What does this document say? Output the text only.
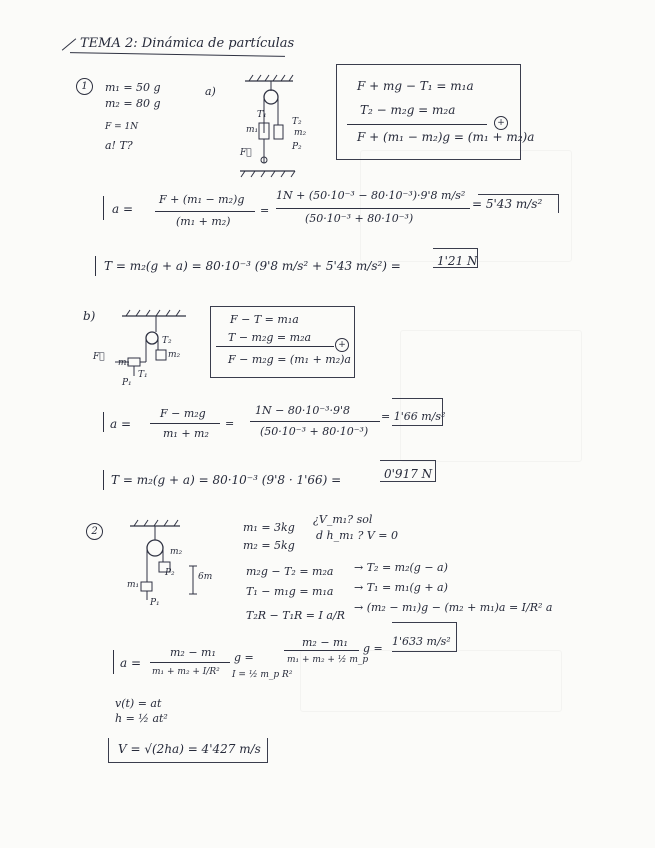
TEMA 2: Dinámica de partículas
1	m₁ = 50 g
m₂ = 80 g
F = 1N
a! T?
a)
T₁
T₂
m₁	m₂
P₂
F⃗
F + mg − T₁ = m₁a
T₂ − m₂g = m₂a
+
F + (m₁ − m₂)g = (m₁ + m₂)a
a =
F + (m₁ − m₂)g
(m₁ + m₂)
=
1N + (50·10⁻³ − 80·10⁻³)·9'8 m/s²
(50·10⁻³ + 80·10⁻³)
= 5'43 m/s²
T = m₂(g + a) = 80·10⁻³ (9'8 m/s² + 5'43 m/s²) =	1'21 N
b)
T₂
m₂
m₁
T₁
P₁
F⃗
F − T = m₁a
T − m₂g = m₂a
+
F − m₂g = (m₁ + m₂)a
a =
F − m₂g
m₁ + m₂
=
1N − 80·10⁻³·9'8
(50·10⁻³ + 80·10⁻³)
= 1'66 m/s²
T = m₂(g + a) = 80·10⁻³ (9'8 · 1'66) =	0'917 N
2
m₂
P₂
m₁
P₁
6m
m₁ = 3kg
m₂ = 5kg
¿V_m₁? sol
d h_m₁ ? V = 0
m₂g − T₂ = m₂a → T₂ = m₂(g − a)
T₁ − m₁g = m₁a → T₁ = m₁(g + a)
T₂R − T₁R = I a/R
→ (m₂ − m₁)g − (m₂ + m₁)a = I/R² a
a =
m₂ − m₁
m₁ + m₂ + I/R²
g =
I = ½ m_p R²
m₂ − m₁
m₁ + m₂ + ½ m_p
g =
1'633 m/s²
v(t) = at
h = ½ at²
V = √(2ha) = 4'427 m/s
